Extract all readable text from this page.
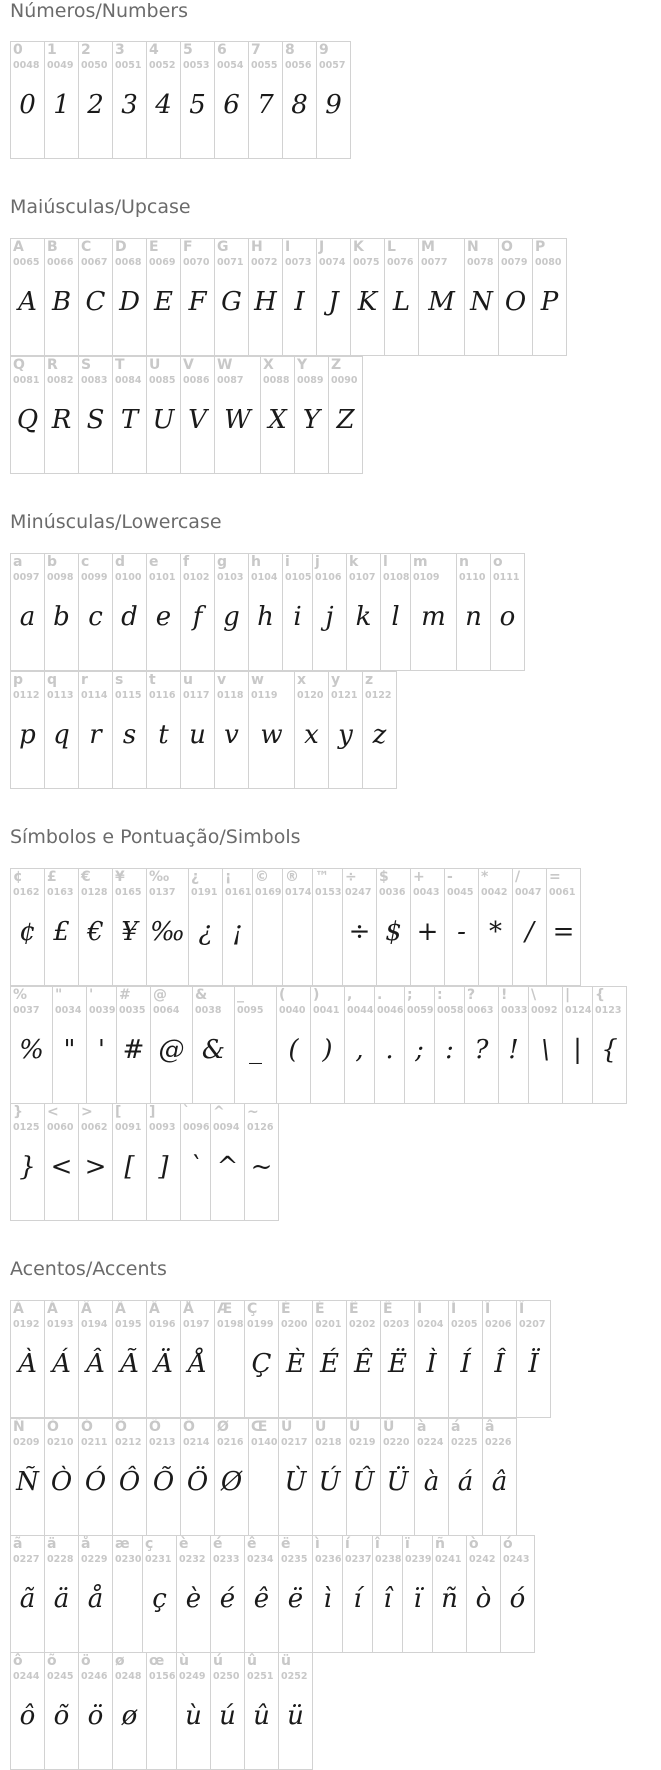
Números/Numbers
Maiúsculas/Upcase
Minúsculas/Lowercase
Símbolos e Pontuação/Simbols
Acentos/Accents
0
0048
0
1
0049
1
2
0050
2
3
0051
3
4
0052
4
5
0053
5
6
0054
6
7
0055
7
8
0056
8
9
0057
9
A
0065
A
B
0066
B
C
0067
C
D
0068
D
E
0069
E
F
0070
F
G
0071
G
H
0072
H
I
0073
I
J
0074
J
K
0075
K
L
0076
L
M
0077
M
N
0078
N
O
0079
O
P
0080
P
Q
0081
Q
R
0082
R
S
0083
S
T
0084
T
U
0085
U
V
0086
V
W
0087
W
X
0088
X
Y
0089
Y
Z
0090
Z
a
0097
a
b
0098
b
c
0099
c
d
0100
d
e
0101
e
f
0102
f
g
0103
g
h
0104
h
i
0105
i
j
0106
j
k
0107
k
l
0108
l
m
0109
m
n
0110
n
o
0111
o
p
0112
p
q
0113
q
r
0114
r
s
0115
s
t
0116
t
u
0117
u
v
0118
v
w
0119
w
x
0120
x
y
0121
y
z
0122
z
¢
0162
¢
£
0163
£
€
0128
€
¥
0165
¥
‰
0137
‰
¿
0191
¿
¡
0161
¡
©
0169
®
0174
™
0153
÷
0247
÷
$
0036
$
+
0043
+
-
0045
-
*
0042
*
/
0047
/
=
0061
=
%
0037
%
"
0034
"
'
0039
'
#
0035
#
@
0064
@
&
0038
&
_
0095
_
(
0040
(
)
0041
)
,
0044
,
.
0046
.
;
0059
;
:
0058
:
?
0063
?
!
0033
!
\
0092
\
|
0124
|
{
0123
{
}
0125
}
<
0060
<
>
0062
>
[
0091
[
]
0093
]
`
0096
`
^
0094
^
~
0126
~
À
0192
À
Á
0193
Á
Â
0194
Â
Ã
0195
Ã
Ä
0196
Ä
Å
0197
Å
Æ
0198
Ç
0199
Ç
È
0200
È
É
0201
É
Ê
0202
Ê
Ë
0203
Ë
Ì
0204
Ì
Í
0205
Í
Î
0206
Î
Ï
0207
Ï
Ñ
0209
Ñ
Ò
0210
Ò
Ó
0211
Ó
Ô
0212
Ô
Õ
0213
Õ
Ö
0214
Ö
Ø
0216
Ø
Œ
0140
Ù
0217
Ù
Ú
0218
Ú
Û
0219
Û
Ü
0220
Ü
à
0224
à
á
0225
á
â
0226
â
ã
0227
ã
ä
0228
ä
å
0229
å
æ
0230
ç
0231
ç
è
0232
è
é
0233
é
ê
0234
ê
ë
0235
ë
ì
0236
ì
í
0237
í
î
0238
î
ï
0239
ï
ñ
0241
ñ
ò
0242
ò
ó
0243
ó
ô
0244
ô
õ
0245
õ
ö
0246
ö
ø
0248
ø
œ
0156
ù
0249
ù
ú
0250
ú
û
0251
û
ü
0252
ü
